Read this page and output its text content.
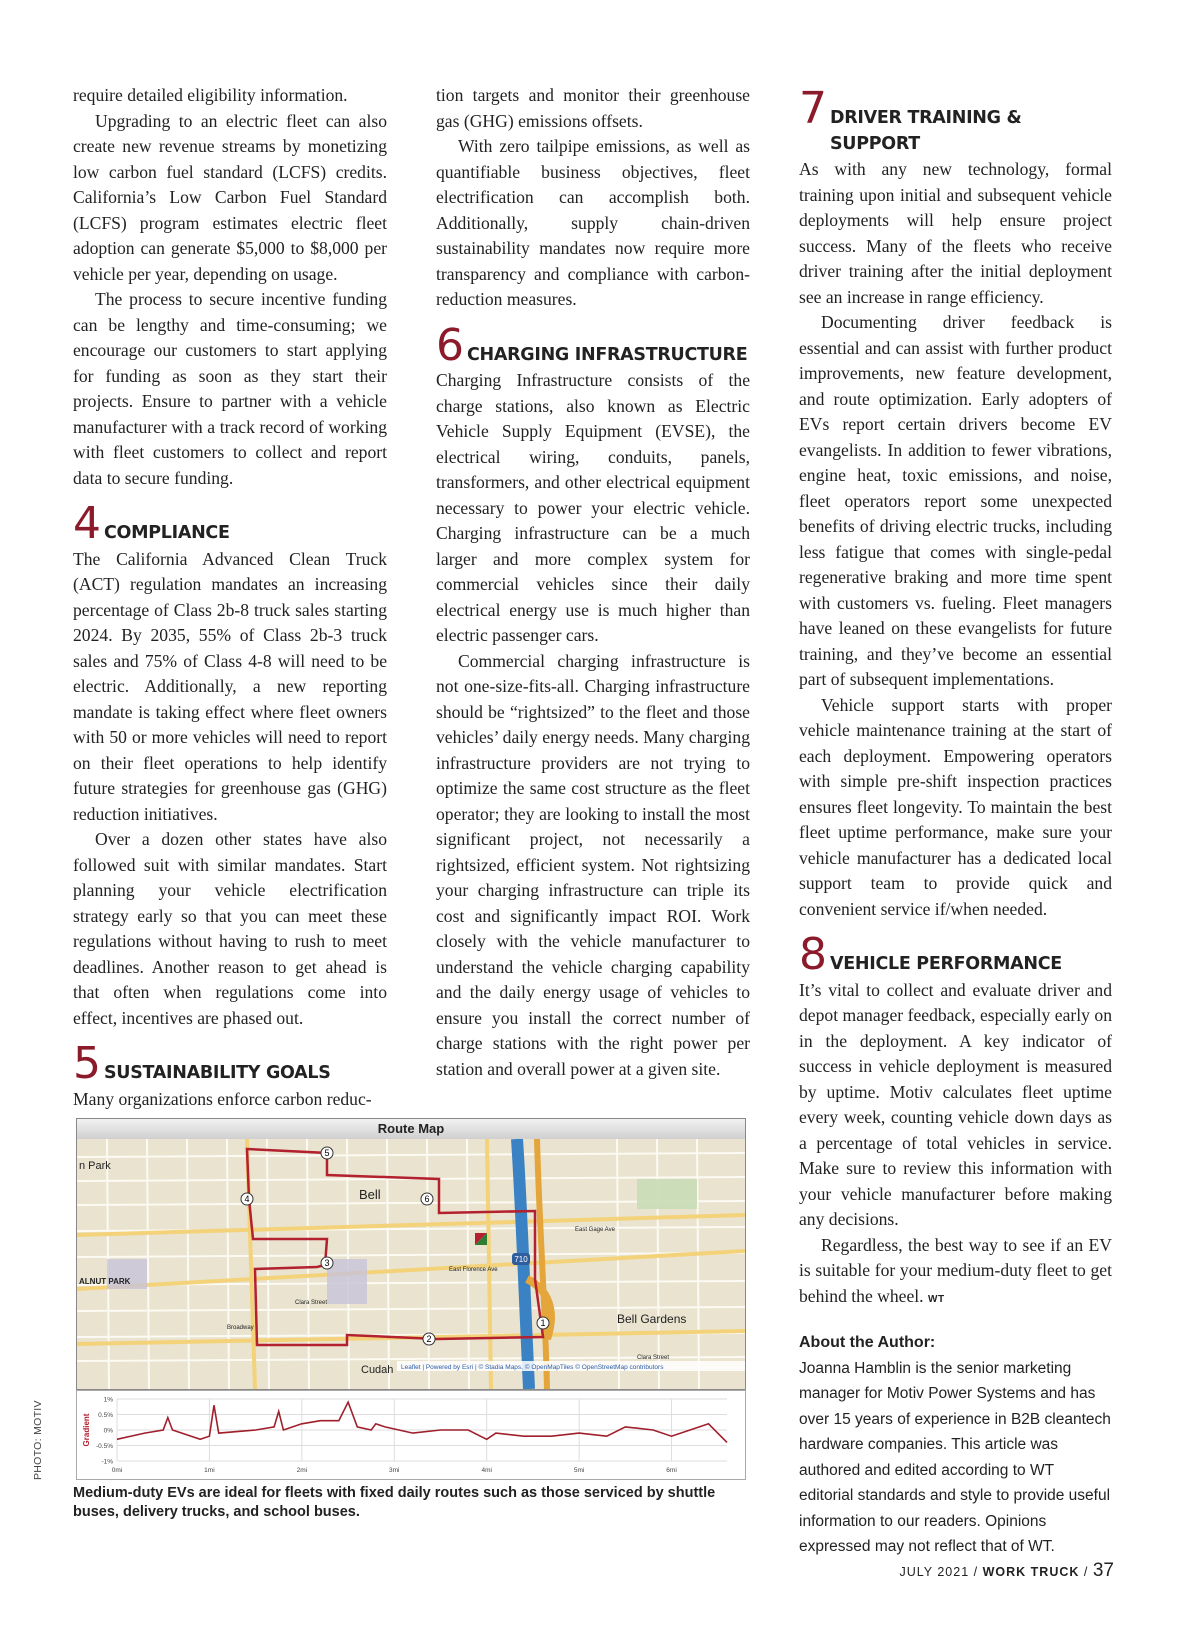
require detailed eligibility information.

Upgrading to an electric fleet can also create new revenue streams by monetizing low carbon fuel standard (LCFS) credits. California’s Low Carbon Fuel Standard (LCFS) program estimates electric fleet adoption can generate $5,000 to $8,000 per vehicle per year, depending on usage.

The process to secure incentive funding can be lengthy and time-consuming; we encourage our customers to start applying for funding as soon as they start their projects. Ensure to partner with a vehicle manufacturer with a track record of working with fleet customers to collect and report data to secure funding.

4 COMPLIANCE

The California Advanced Clean Truck (ACT) regulation mandates an increasing percentage of Class 2b-8 truck sales starting 2024. By 2035, 55% of Class 2b-3 truck sales and 75% of Class 4-8 will need to be electric. Additionally, a new reporting mandate is taking effect where fleet owners with 50 or more vehicles will need to report on their fleet operations to help identify future strategies for greenhouse gas (GHG) reduction initiatives.

Over a dozen other states have also followed suit with similar mandates. Start planning your vehicle electrification strategy early so that you can meet these regulations without having to rush to meet deadlines. Another reason to get ahead is that often when regulations come into effect, incentives are phased out.

5 SUSTAINABILITY GOALS

Many organizations enforce carbon reduc-

tion targets and monitor their greenhouse gas (GHG) emissions offsets.

With zero tailpipe emissions, as well as quantifiable business objectives, fleet electrification can accomplish both. Additionally, supply chain-driven sustainability mandates now require more transparency and compliance with carbon-reduction measures.

6 CHARGING INFRASTRUCTURE

Charging Infrastructure consists of the charge stations, also known as Electric Vehicle Supply Equipment (EVSE), the electrical wiring, conduits, panels, transformers, and other electrical equipment necessary to power your electric vehicle. Charging infrastructure can be a much larger and more complex system for commercial vehicles since their daily electrical energy use is much higher than electric passenger cars.

Commercial charging infrastructure is not one-size-fits-all. Charging infrastructure should be “rightsized” to the fleet and those vehicles’ daily energy needs. Many charging infrastructure providers are not trying to optimize the same cost structure as the fleet operator; they are looking to install the most significant project, not necessarily a rightsized, efficient system. Not rightsizing your charging infrastructure can triple its cost and significantly impact ROI. Work closely with the vehicle manufacturer to understand the vehicle charging capability and the daily energy usage of vehicles to ensure you install the correct number of charge stations with the right power per station and overall power at a given site.

7 DRIVER TRAINING & SUPPORT

As with any new technology, formal training upon initial and subsequent vehicle deployments will help ensure project success. Many of the fleets who receive driver training after the initial deployment see an increase in range efficiency.

Documenting driver feedback is essential and can assist with further product improvements, new feature development, and route optimization. Early adopters of EVs report certain drivers become EV evangelists. In addition to fewer vibrations, engine heat, toxic emissions, and noise, fleet operators report some unexpected benefits of driving electric trucks, including less fatigue that comes with single-pedal regenerative braking and more time spent with customers vs. fueling. Fleet managers have leaned on these evangelists for future training, and they’ve become an essential part of subsequent implementations.

Vehicle support starts with proper vehicle maintenance training at the start of each deployment. Empowering operators with simple pre-shift inspection practices ensures fleet longevity. To maintain the best fleet uptime performance, make sure your vehicle manufacturer has a dedicated local support team to provide quick and convenient service if/when needed.

8 VEHICLE PERFORMANCE

It’s vital to collect and evaluate driver and depot manager feedback, especially early on in the deployment. A key indicator of success in vehicle deployment is measured by uptime. Motiv calculates fleet uptime every week, counting vehicle down days as a percentage of total vehicles in service. Make sure to review this information with your vehicle manufacturer before making any decisions.

Regardless, the best way to see if an EV is suitable for your medium-duty fleet to get behind the wheel. WT

About the Author:
Joanna Hamblin is the senior marketing manager for Motiv Power Systems and has over 15 years of experience in B2B cleantech hardware companies. This article was authored and edited according to WT editorial standards and style to provide useful information to our readers. Opinions expressed may not reflect that of WT.
Route Map
1
2
3
4
5
6
710
n Park
Bell
ALNUT PARK
Bell Gardens
Cudah
East Gage Ave
East Florence Ave
Clara Street
Broadway
Clara Street
Leaflet | Powered by Esri | © Stadia Maps, © OpenMapTiles © OpenStreetMap contributors
1%
0.5%
0%
-0.5%
-1%
0mi	1mi	2mi	3mi	4mi	5mi	6mi
Gradient
PHOTO: MOTIV
Medium-duty EVs are ideal for fleets with fixed daily routes such as those serviced by shuttle buses, delivery trucks, and school buses.
JULY 2021 / WORK TRUCK / 37
